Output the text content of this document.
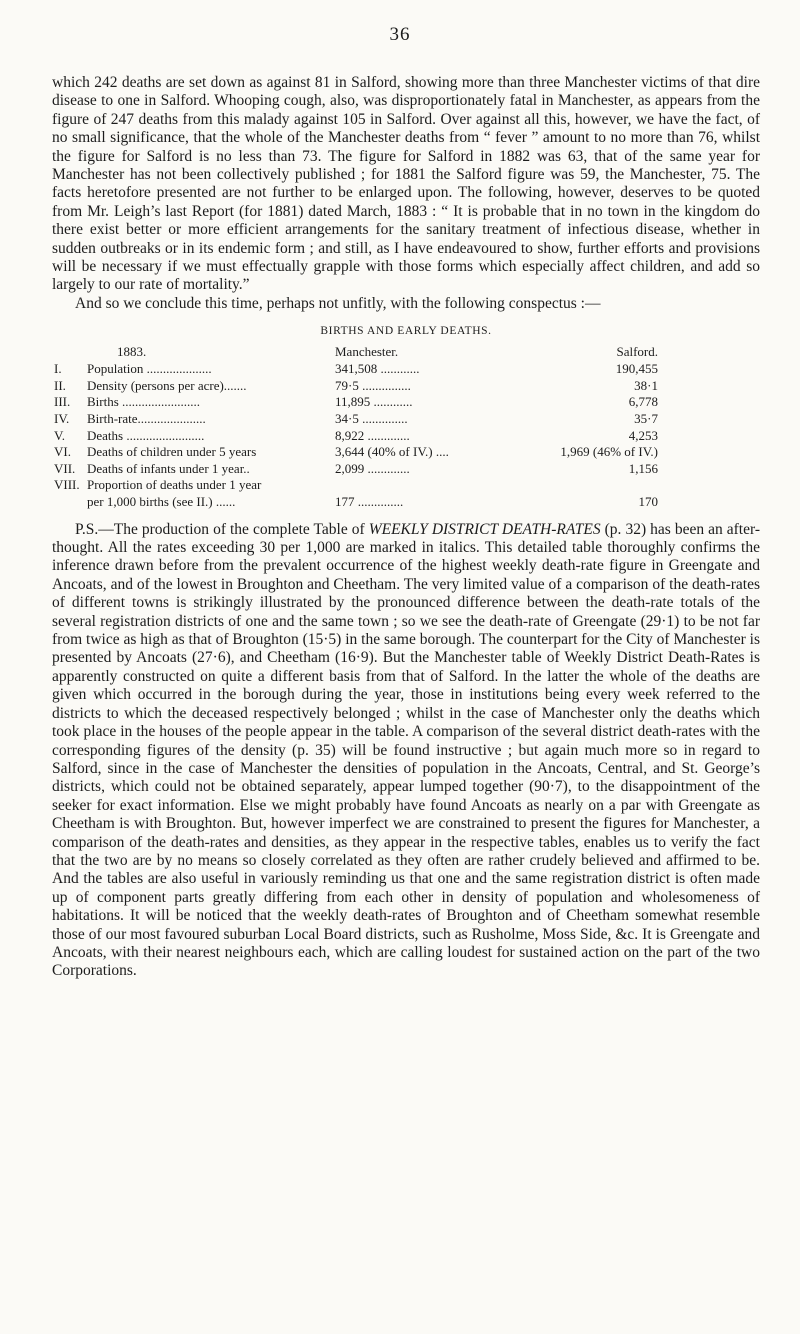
36

which 242 deaths are set down as against 81 in Salford, showing more than three Manchester victims of that dire disease to one in Salford. Whooping cough, also, was disproportionately fatal in Manchester, as appears from the figure of 247 deaths from this malady against 105 in Salford. Over against all this, however, we have the fact, of no small significance, that the whole of the Manchester deaths from “ fever ” amount to no more than 76, whilst the figure for Salford is no less than 73. The figure for Salford in 1882 was 63, that of the same year for Manchester has not been collectively published ; for 1881 the Salford figure was 59, the Manchester, 75. The facts heretofore presented are not further to be enlarged upon. The following, however, deserves to be quoted from Mr. Leigh’s last Report (for 1881) dated March, 1883 : “ It is probable that in no town in the kingdom do there exist better or more efficient arrangements for the sanitary treatment of infectious disease, whether in sudden outbreaks or in its endemic form ; and still, as I have endeavoured to show, further efforts and provisions will be necessary if we must effectually grapple with those forms which especially affect children, and add so largely to our rate of mortality.”

And so we conclude this time, perhaps not unfitly, with the following conspectus :—

BIRTHS AND EARLY DEATHS.
	1883.	Manchester.	Salford.
I.	Population ....................	341,508 ............	190,455
II.	Density (persons per acre).......	79·5 ...............	38·1
III.	Births ........................	11,895 ............	6,778
IV.	Birth-rate.....................	34·5 ..............	35·7
V.	Deaths ........................	8,922 .............	4,253
VI.	Deaths of children under 5 years	3,644 (40% of IV.) ....	1,969 (46% of IV.)
VII.	Deaths of infants under 1 year..	2,099 .............	1,156
VIII.	Proportion of deaths under 1 year		
	per 1,000 births (see II.) ......	177 ..............	170

P.S.—The production of the complete Table of WEEKLY DISTRICT DEATH-RATES (p. 32) has been an after-thought. All the rates exceeding 30 per 1,000 are marked in italics. This detailed table thoroughly confirms the inference drawn before from the prevalent occurrence of the highest weekly death-rate figure in Greengate and Ancoats, and of the lowest in Broughton and Cheetham. The very limited value of a comparison of the death-rates of different towns is strikingly illustrated by the pronounced difference between the death-rate totals of the several registration districts of one and the same town ; so we see the death-rate of Greengate (29·1) to be not far from twice as high as that of Broughton (15·5) in the same borough. The counterpart for the City of Manchester is presented by Ancoats (27·6), and Cheetham (16·9). But the Manchester table of Weekly District Death-Rates is apparently constructed on quite a different basis from that of Salford. In the latter the whole of the deaths are given which occurred in the borough during the year, those in institutions being every week referred to the districts to which the deceased respectively belonged ; whilst in the case of Manchester only the deaths which took place in the houses of the people appear in the table. A comparison of the several district death-rates with the corresponding figures of the density (p. 35) will be found instructive ; but again much more so in regard to Salford, since in the case of Manchester the densities of population in the Ancoats, Central, and St. George’s districts, which could not be obtained separately, appear lumped together (90·7), to the disappointment of the seeker for exact information. Else we might probably have found Ancoats as nearly on a par with Greengate as Cheetham is with Broughton. But, however imperfect we are constrained to present the figures for Manchester, a comparison of the death-rates and densities, as they appear in the respective tables, enables us to verify the fact that the two are by no means so closely correlated as they often are rather crudely believed and affirmed to be. And the tables are also useful in variously reminding us that one and the same registration district is often made up of component parts greatly differing from each other in density of population and wholesomeness of habitations. It will be noticed that the weekly death-rates of Broughton and of Cheetham somewhat resemble those of our most favoured suburban Local Board districts, such as Rusholme, Moss Side, &c. It is Greengate and Ancoats, with their nearest neighbours each, which are calling loudest for sustained action on the part of the two Corporations.
